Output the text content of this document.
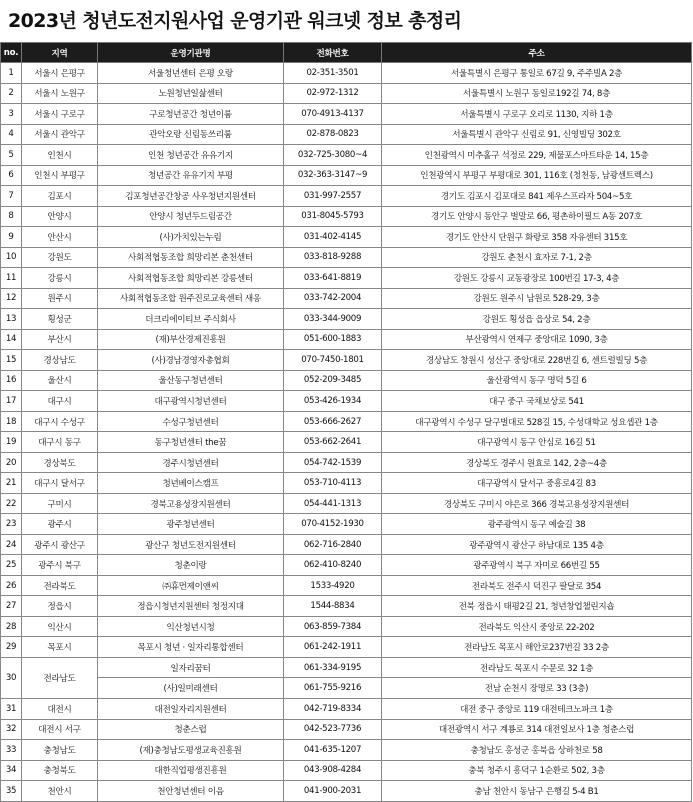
2023년 청년도전지원사업 운영기관 워크넷 정보 총정리
no.	지역	운영기관명	전화번호	주소
1	서울시 은평구	서울청년센터 은평 오랑	02-351-3501	서울특별시 은평구 통일로 67길 9, 주주빌A 2층
2	서울시 노원구	노원청년일삶센터	02-972-1312	서울특별시 노원구 동일로192길 74, 8층
3	서울시 구로구	구로청년공간 청년이룸	070-4913-4137	서울특별시 구로구 오리로 1130, 지하 1층
4	서울시 관악구	관악오랑 신림동쓰리룸	02-878-0823	서울특별시 관악구 신림로 91, 신영빌딩 302호
5	인천시	인천 청년공간 유유기지	032-725-3080~4	인천광역시 미추홀구 석정로 229, 제물포스마트타운 14, 15층
6	인천시 부평구	청년공간 유유기지 부평	032-363-3147~9	인천광역시 부평구 부평대로 301, 116호 (청천동, 남광센트렉스)
7	김포시	김포청년공간창공 사우청년지원센터	031-997-2557	경기도 김포시 김포대로 841 제우스프라자 504~5호
8	안양시	안양시 청년두드림공간	031-8045-5793	경기도 안양시 동안구 벌말로 66, 평촌하이필드 A동 207호
9	안산시	(사)가치있는누림	031-402-4145	경기도 안산시 단원구 화랑로 358 자유센터 315호
10	강원도	사회적협동조합 희망리본 춘천센터	033-818-9288	강원도 춘천시 효자로 7-1, 2층
11	강릉시	사회적협동조합 희망리본 강릉센터	033-641-8819	강원도 강릉시 교동광장로 100번길 17-3, 4층
12	원주시	사회적협동조합 원주진로교육센터 새옹	033-742-2004	강원도 원주시 남원로 528-29, 3층
13	횡성군	더크리에이티브 주식회사	033-344-9009	강원도 횡성읍 읍상로 54, 2층
14	부산시	(재)부산경제진흥원	051-600-1883	부산광역시 연제구 중앙대로 1090, 3층
15	경상남도	(사)경남경영자총협회	070-7450-1801	경상남도 창원시 성산구 중앙대로 228번길 6, 센트럴빌딩 5층
16	울산시	울산동구청년센터	052-209-3485	울산광역시 동구 명덕 5길 6
17	대구시	대구광역시청년센터	053-426-1934	대구 중구 국채보상로 541
18	대구시 수성구	수성구청년센터	053-666-2627	대구광역시 수성구 달구벌대로 528길 15, 수성대학교 성요셉관 1층
19	대구시 동구	동구청년센터 the꿈	053-662-2641	대구광역시 동구 안심로 16길 51
20	경상북도	경주시청년센터	054-742-1539	경상북도 경주시 원효로 142, 2층~4층
21	대구시 달서구	청년베이스캠프	053-710-4113	대구광역시 달서구 중흥로4길 83
22	구미시	경북고용성장지원센터	054-441-1313	경상북도 구미시 야은로 366 경북고용성장지원센터
23	광주시	광주청년센터	070-4152-1930	광주광역시 동구 예술길 38
24	광주시 광산구	광산구 청년도전지원센터	062-716-2840	광주광역시 광산구 하남대로 135 4층
25	광주시 북구	청춘이랑	062-410-8240	광주광역시 북구 자미로 66번길 55
26	전라북도	㈜휴먼제이앤씨	1533-4920	전라북도 전주시 덕진구 팔달로 354
27	정읍시	정읍시청년지원센터 청정지대	1544-8834	전북 정읍시 태평2길 21, 청년창업챌린지숍
28	익산시	익산청년시청	063-859-7384	전라북도 익산시 중앙로 22-202
29	목포시	목포시 청년 · 일자리통합센터	061-242-1911	전라남도 목포시 해안로237번길 33 2층
30	전라남도	일자리꿈터	061-334-9195	전라남도 목포시 수문로 32 1층
		(사)일미래센터	061-755-9216	전남 순천시 장명로 33 (3층)
31	대전시	대전일자리지원센터	042-719-8334	대전 중구 중앙로 119 대전테크노파크 1층
32	대전시 서구	청춘스럽	042-523-7736	대전광역시 서구 계룡로 314 대전일보사 1층 청춘스럽
33	충청남도	(재)충청남도평생교육진흥원	041-635-1207	충청남도 홍성군 홍북읍 상하천로 58
34	충청북도	대한직업평생진흥원	043-908-4284	충북 청주시 흥덕구 1순환로 502, 3층
35	천안시	천안청년센터 이음	041-900-2031	충남 천안시 동남구 은행길 5-4 B1
